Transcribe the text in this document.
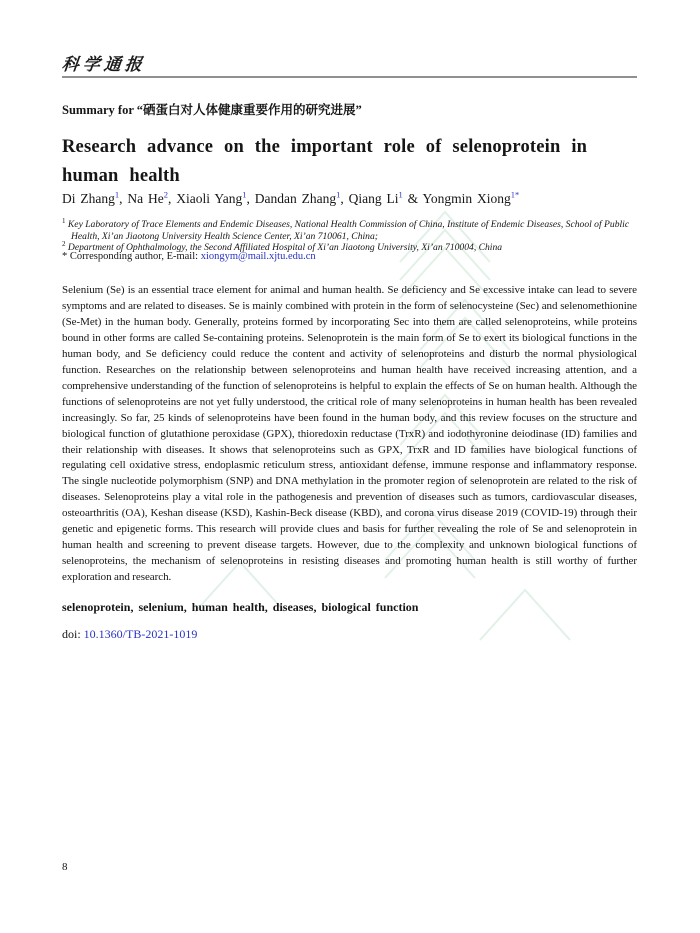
科学通报
Summary for “硒蛋白对人体健康重要作用的研究进展”
Research advance on the important role of selenoprotein in human health
Di Zhang$^1$, Na He$^2$, Xiaoli Yang$^1$, Dandan Zhang$^1$, Qiang Li$^1$ & Yongmin Xiong$^{1*}$

$^1$ Key Laboratory of Trace Elements and Endemic Diseases, National Health Commission of China, Institute of Endemic Diseases, School of Public Health, Xi’an Jiaotong University Health Science Center, Xi’an 710061, China;

$^2$ Department of Ophthalmology, the Second Affiliated Hospital of Xi’an Jiaotong University, Xi’an 710004, China

* Corresponding author, E-mail: xiongym@mail.xjtu.edu.cn

Selenium (Se) is an essential trace element for animal and human health. Se deficiency and Se excessive intake can lead to severe symptoms and are related to diseases. Se is mainly combined with protein in the form of selenocysteine (Sec) and selenomethionine (Se-Met) in the human body. Generally, proteins formed by incorporating Sec into them are called selenoproteins, while proteins bound in other forms are called Se-containing proteins. Selenoprotein is the main form of Se to exert its biological functions in the human body, and Se deficiency could reduce the content and activity of selenoproteins and disturb the normal physiological function. Researches on the relationship between selenoproteins and human health have received increasing attention, and a comprehensive understanding of the function of selenoproteins is helpful to explain the effects of Se on human health. Although the functions of selenoproteins are not yet fully understood, the critical role of many selenoproteins in human health has been revealed increasingly. So far, 25 kinds of selenoproteins have been found in the human body, and this review focuses on the structure and biological function of glutathione peroxidase (GPX), thioredoxin reductase (TrxR) and iodothyronine deiodinase (ID) families and their relationship with diseases. It shows that selenoproteins such as GPX, TrxR and ID families have biological functions of regulating cell oxidative stress, endoplasmic reticulum stress, antioxidant defense, immune response and inflammatory response. The single nucleotide polymorphism (SNP) and DNA methylation in the promoter region of selenoprotein are related to the risk of diseases. Selenoproteins play a vital role in the pathogenesis and prevention of diseases such as tumors, cardiovascular diseases, osteoarthritis (OA), Keshan disease (KSD), Kashin-Beck disease (KBD), and corona virus disease 2019 (COVID-19) through their genetic and epigenetic forms. This research will provide clues and basis for further revealing the role of Se and selenoprotein in human health and screening to prevent disease targets. However, due to the complexity and unknown biological functions of selenoproteins, the mechanism of selenoproteins in resisting diseases and promoting human health is still worthy of further exploration and research.

selenoprotein, selenium, human health, diseases, biological function

doi: 10.1360/TB-2021-1019

8
